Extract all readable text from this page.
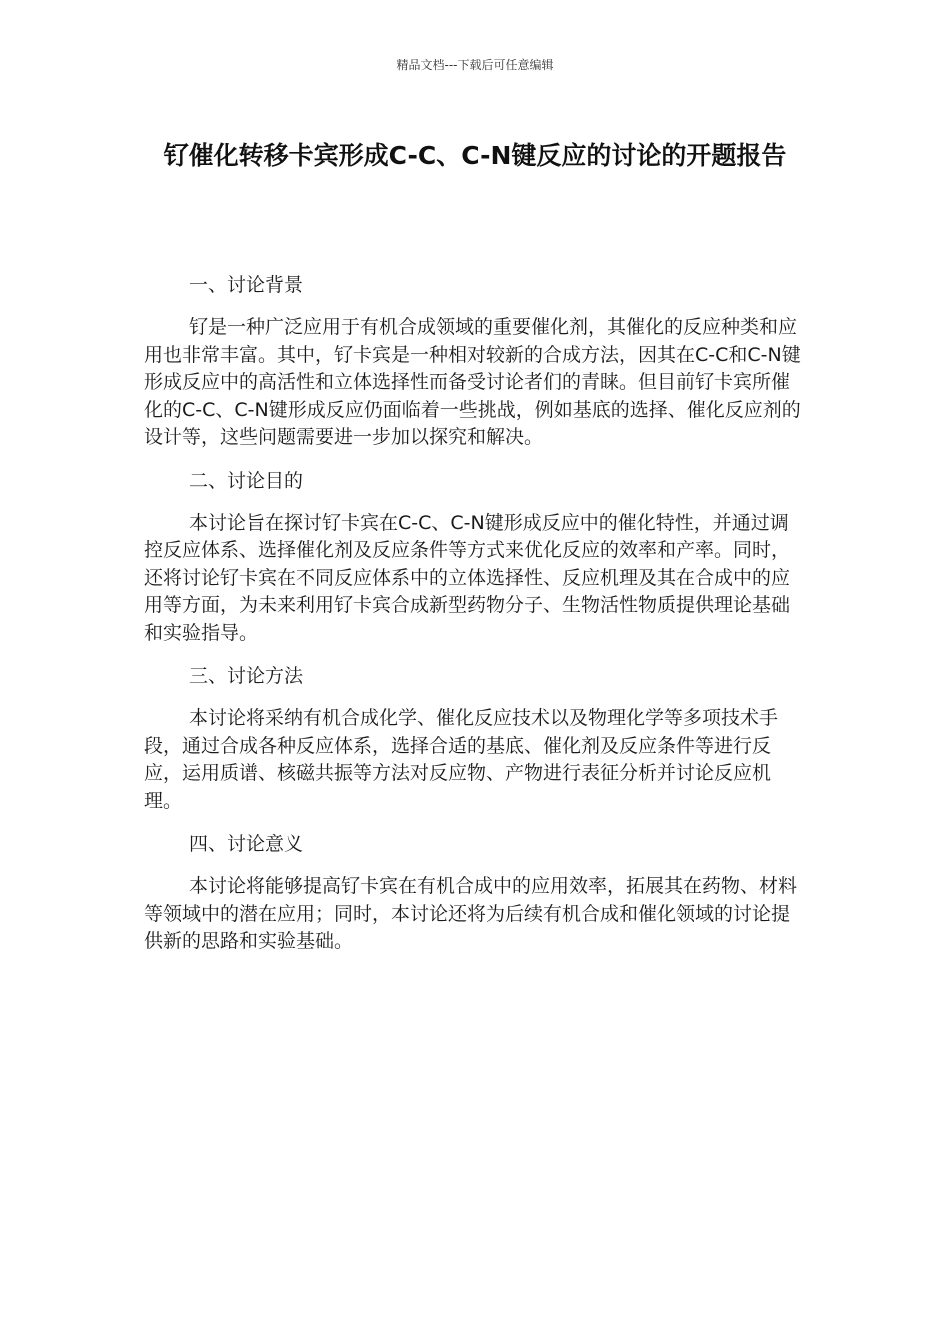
精品文档---下载后可任意编辑
钌催化转移卡宾形成C-C、C-N键反应的讨论的开题报告

一、讨论背景

钌是一种广泛应用于有机合成领域的重要催化剂，其催化的反应种类和应用也非常丰富。其中，钌卡宾是一种相对较新的合成方法，因其在C-C和C-N键形成反应中的高活性和立体选择性而备受讨论者们的青睐。但目前钌卡宾所催化的C-C、C-N键形成反应仍面临着一些挑战，例如基底的选择、催化反应剂的设计等，这些问题需要进一步加以探究和解决。

二、讨论目的

本讨论旨在探讨钌卡宾在C-C、C-N键形成反应中的催化特性，并通过调控反应体系、选择催化剂及反应条件等方式来优化反应的效率和产率。同时，还将讨论钌卡宾在不同反应体系中的立体选择性、反应机理及其在合成中的应用等方面，为未来利用钌卡宾合成新型药物分子、生物活性物质提供理论基础和实验指导。

三、讨论方法

本讨论将采纳有机合成化学、催化反应技术以及物理化学等多项技术手段，通过合成各种反应体系，选择合适的基底、催化剂及反应条件等进行反应，运用质谱、核磁共振等方法对反应物、产物进行表征分析并讨论反应机理。

四、讨论意义

本讨论将能够提高钌卡宾在有机合成中的应用效率，拓展其在药物、材料等领域中的潜在应用；同时，本讨论还将为后续有机合成和催化领域的讨论提供新的思路和实验基础。
